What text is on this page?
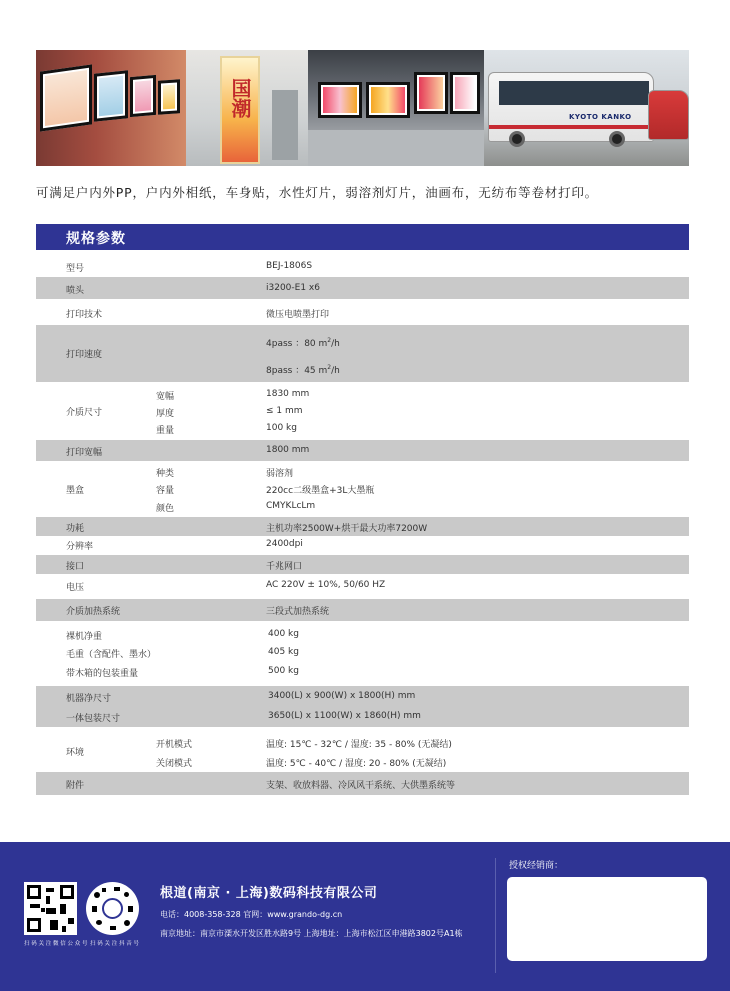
国潮	KYOTO KANKO
可满足户内外PP，户内外相纸，车身贴，水性灯片，弱溶剂灯片，油画布，无纺布等卷材打印。
规格参数
型号	BEJ-1806S
喷头	i3200-E1 x6
打印技术	微压电喷墨打印
打印速度
4pass ：80 $m^2/h$
8pass ：45 $m^2/h$
介质尺寸
宽幅	1830 mm
厚度	≤ 1 mm
重量	100 kg
打印宽幅	1800 mm
墨盒
种类	弱溶剂
容量	220cc二级墨盒+3L大墨瓶
颜色	CMYKLcLm
功耗	主机功率2500W+烘干最大功率7200W
分辨率	2400dpi
接口	千兆网口
电压	AC 220V ± 10%, 50/60 HZ
介质加热系统	三段式加热系统
裸机净重	400 kg
毛重（含配件、墨水）	405 kg
带木箱的包装重量	500 kg
机器净尺寸	3400(L) x 900(W) x 1800(H) mm
一体包装尺寸	3650(L) x 1100(W) x 1860(H) mm
环境
开机模式	温度: 15℃ - 32℃ / 湿度: 35 - 80% (无凝结)
关闭模式	温度: 5℃ - 40℃ / 湿度: 20 - 80% (无凝结)
附件	支架、收放料器、冷风风干系统、大供墨系统等
扫 码 关 注 微 信 公 众 号 扫 码 关 注 抖 音 号
根道(南京 · 上海)数码科技有限公司
电话：4008-358-328 官网：www.grando-dg.cn
南京地址：南京市溧水开发区胜水路9号 上海地址：上海市松江区申港路3802号A1栋
授权经销商：
